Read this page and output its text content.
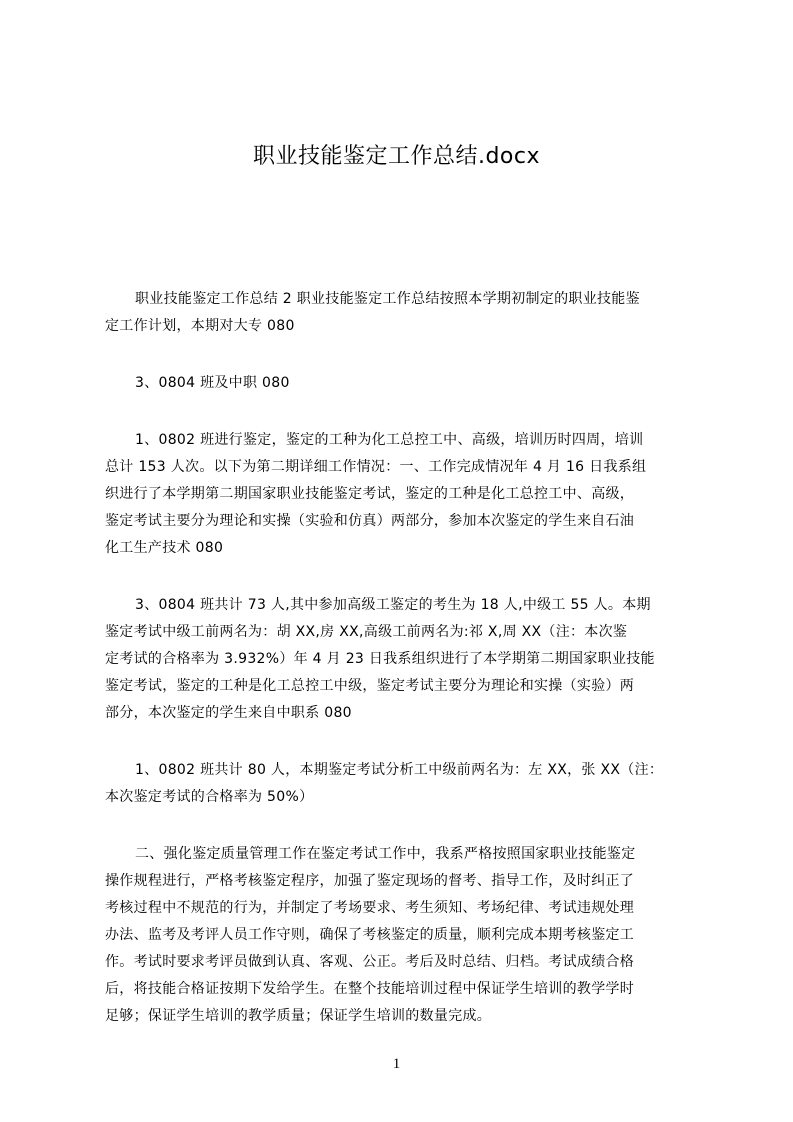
职业技能鉴定工作总结.docx

职业技能鉴定工作总结 2 职业技能鉴定工作总结按照本学期初制定的职业技能鉴
定工作计划，本期对大专 080

3、0804 班及中职 080

1、0802 班进行鉴定，鉴定的工种为化工总控工中、高级，培训历时四周，培训
总计 153 人次。以下为第二期详细工作情况：一、工作完成情况年 4 月 16 日我系组
织进行了本学期第二期国家职业技能鉴定考试，鉴定的工种是化工总控工中、高级，
鉴定考试主要分为理论和实操（实验和仿真）两部分，参加本次鉴定的学生来自石油
化工生产技术 080

3、0804 班共计 73 人,其中参加高级工鉴定的考生为 18 人,中级工 55 人。本期
鉴定考试中级工前两名为：胡 XX,房 XX,高级工前两名为:祁 X,周 XX（注：本次鉴
定考试的合格率为 3.932%）年 4 月 23 日我系组织进行了本学期第二期国家职业技能
鉴定考试，鉴定的工种是化工总控工中级，鉴定考试主要分为理论和实操（实验）两
部分，本次鉴定的学生来自中职系 080

1、0802 班共计 80 人，本期鉴定考试分析工中级前两名为：左 XX，张 XX（注：
本次鉴定考试的合格率为 50%）

二、强化鉴定质量管理工作在鉴定考试工作中，我系严格按照国家职业技能鉴定
操作规程进行，严格考核鉴定程序，加强了鉴定现场的督考、指导工作，及时纠正了
考核过程中不规范的行为，并制定了考场要求、考生须知、考场纪律、考试违规处理
办法、监考及考评人员工作守则，确保了考核鉴定的质量，顺利完成本期考核鉴定工
作。考试时要求考评员做到认真、客观、公正。考后及时总结、归档。考试成绩合格
后，将技能合格证按期下发给学生。在整个技能培训过程中保证学生培训的教学学时
足够；保证学生培训的教学质量；保证学生培训的数量完成。

1
